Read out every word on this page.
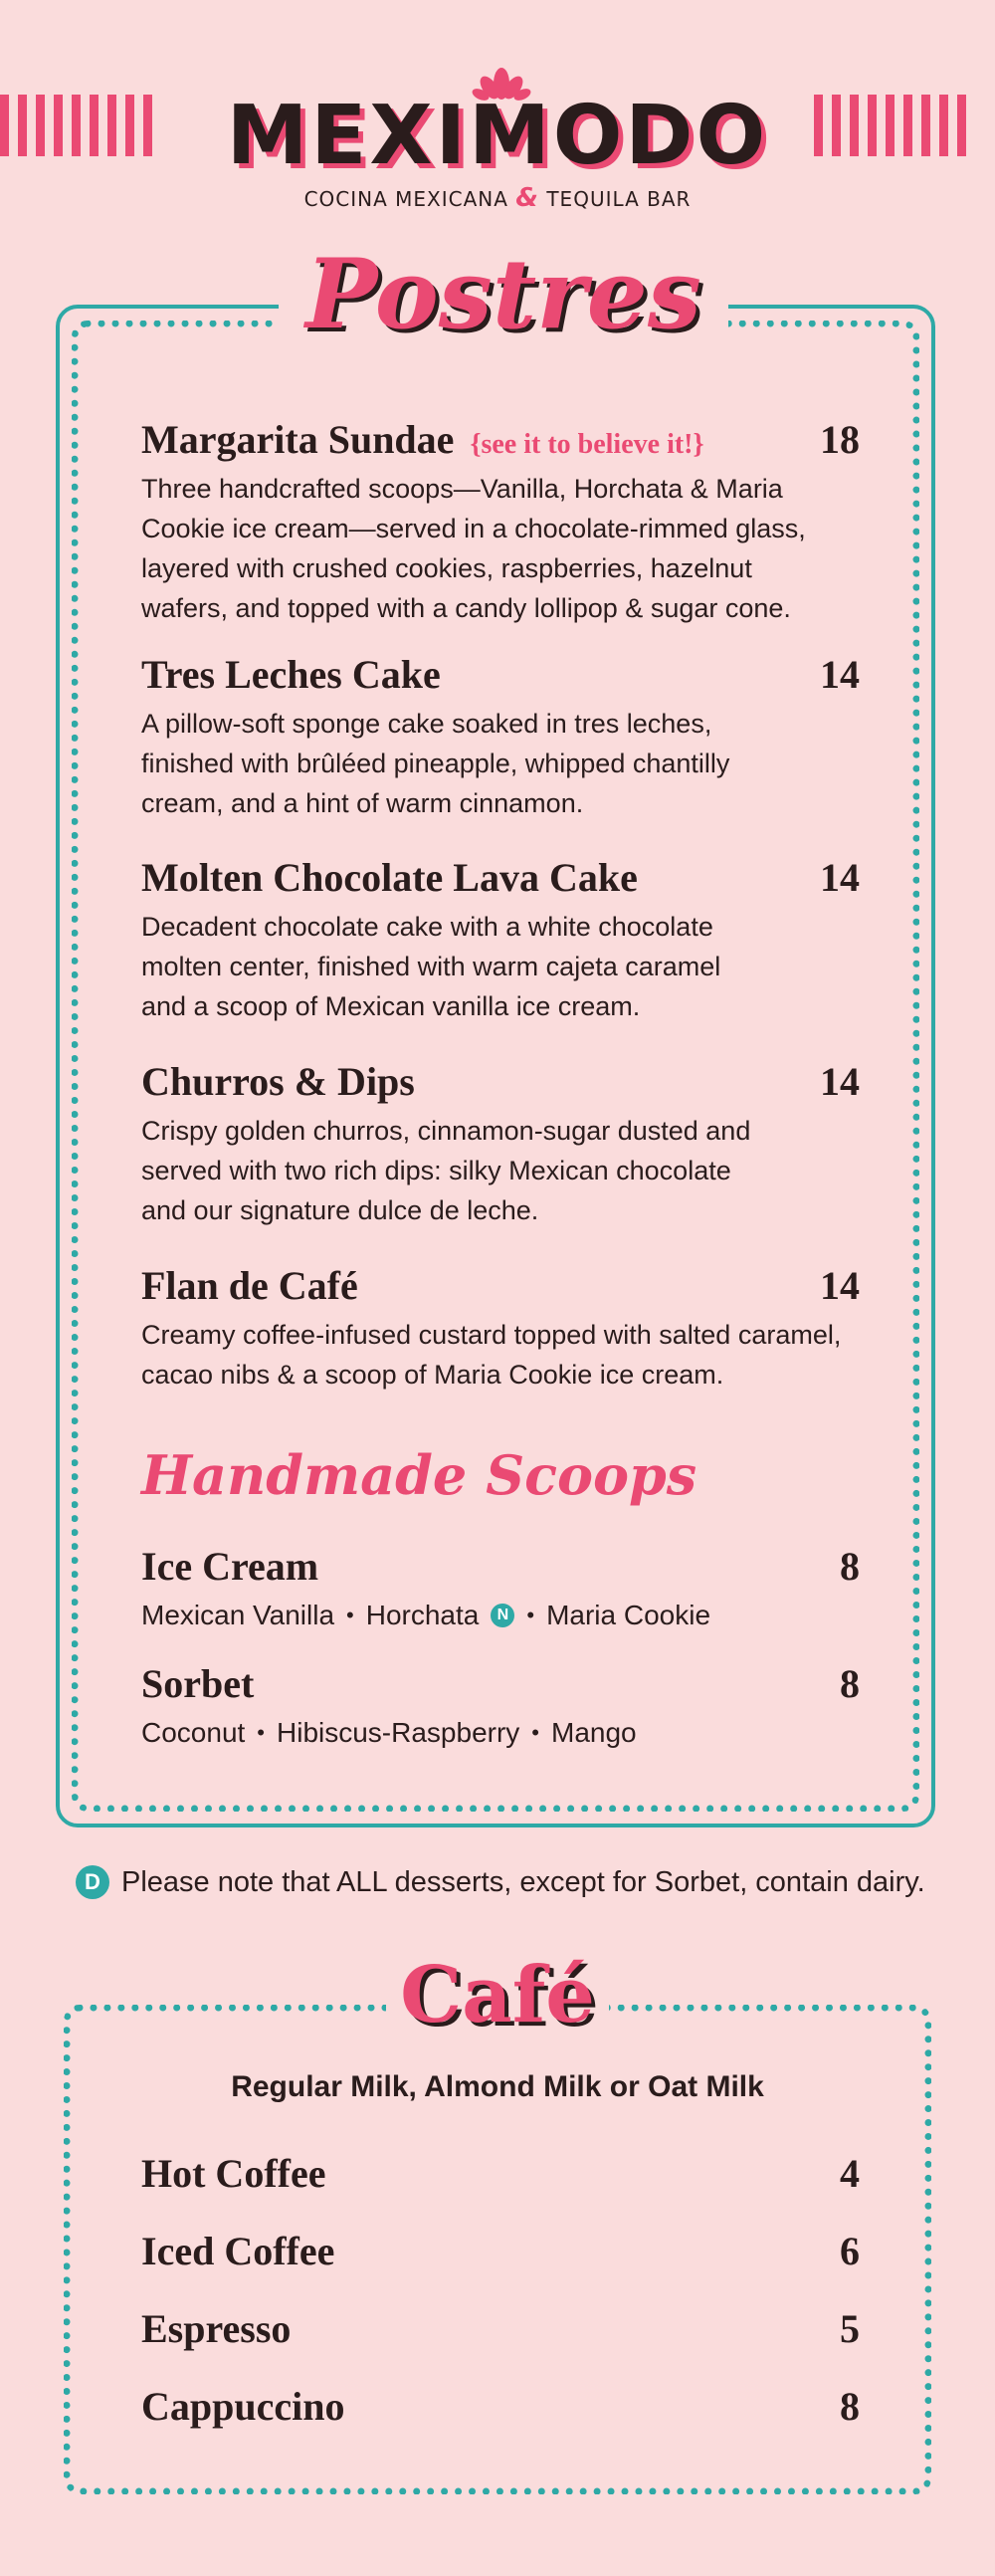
MEXIMODO
COCINA MEXICANA & TEQUILA BAR
Postres
Margarita Sundae {see it to believe it!}	18
Three handcrafted scoops—Vanilla, Horchata & Maria
Cookie ice cream—served in a chocolate-rimmed glass,
layered with crushed cookies, raspberries, hazelnut
wafers, and topped with a candy lollipop & sugar cone.
Tres Leches Cake	14
A pillow-soft sponge cake soaked in tres leches,
finished with brûléed pineapple, whipped chantilly
cream, and a hint of warm cinnamon.
Molten Chocolate Lava Cake	14
Decadent chocolate cake with a white chocolate
molten center, finished with warm cajeta caramel
and a scoop of Mexican vanilla ice cream.
Churros & Dips	14
Crispy golden churros, cinnamon-sugar dusted and
served with two rich dips: silky Mexican chocolate
and our signature dulce de leche.
Flan de Café	14
Creamy coffee-infused custard topped with salted caramel,
cacao nibs & a scoop of Maria Cookie ice cream.
Handmade Scoops
Ice Cream	8
Mexican Vanilla • Horchata	N • Maria Cookie
Sorbet	8
Coconut • Hibiscus-Raspberry • Mango
D Please note that ALL desserts, except for Sorbet, contain dairy.
Café
Regular Milk, Almond Milk or Oat Milk
Hot Coffee	4
Iced Coffee	6
Espresso	5
Cappuccino	8
